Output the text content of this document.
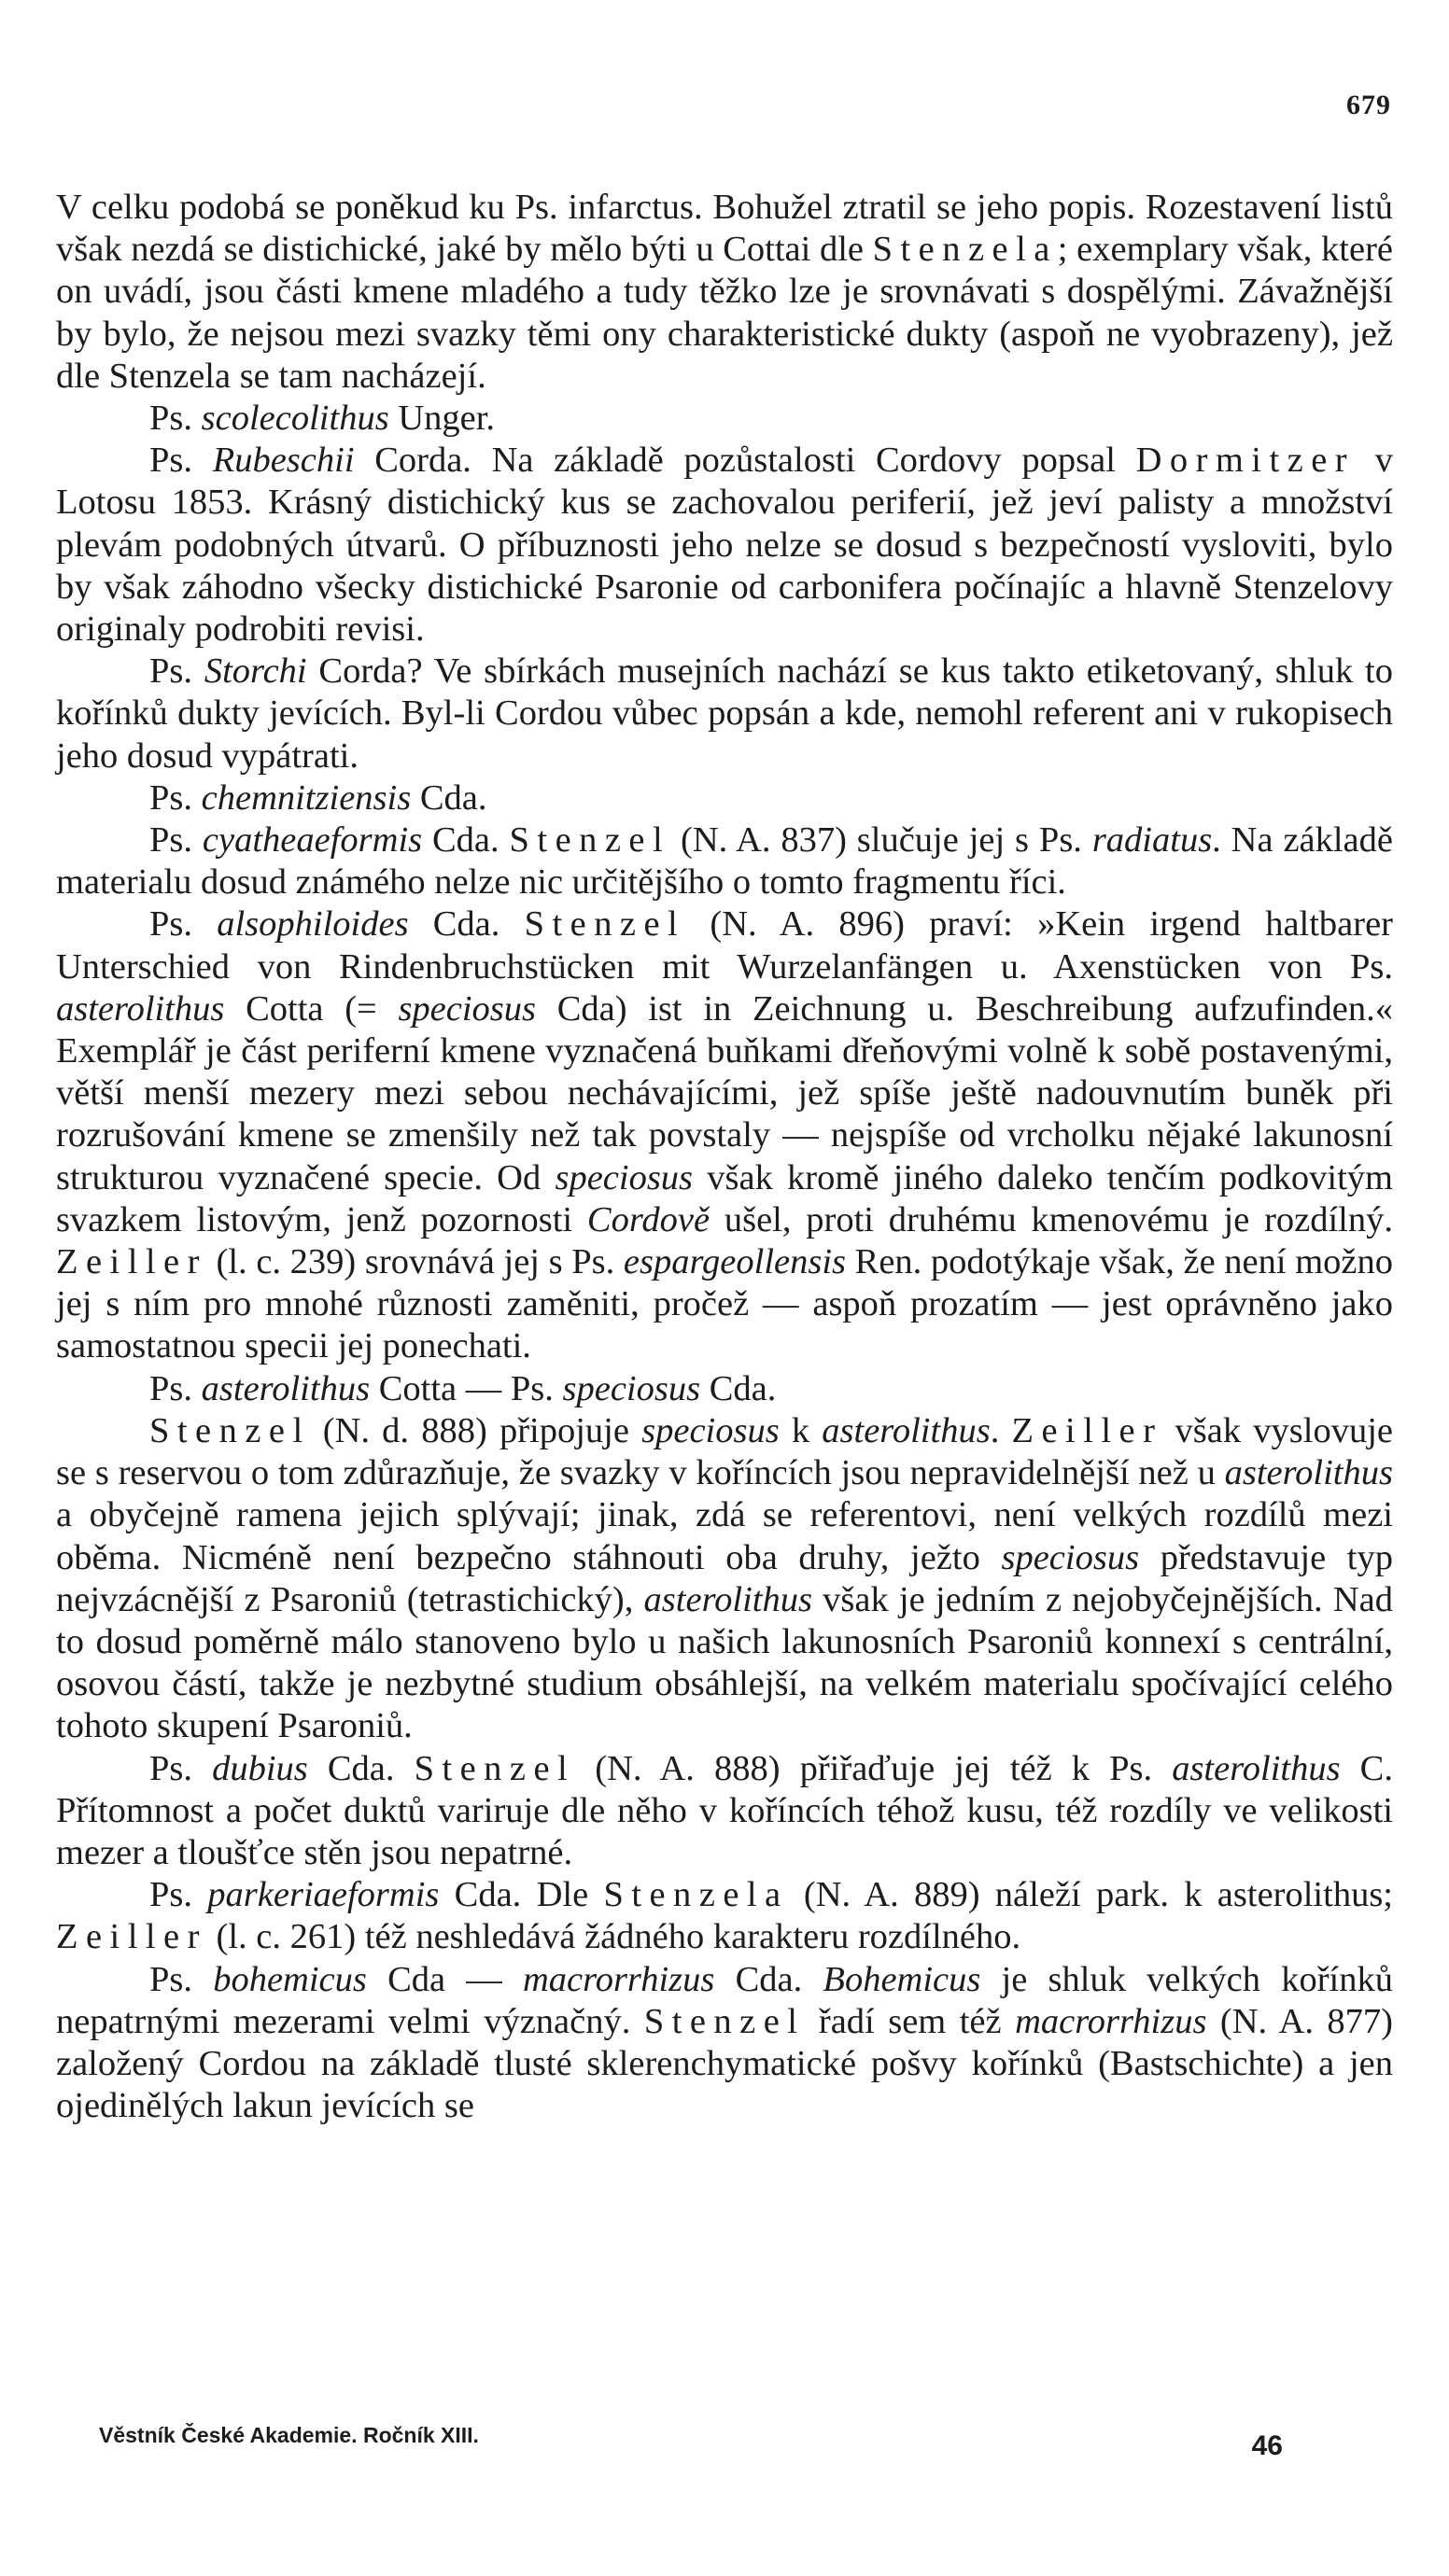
679

V celku podobá se poněkud ku Ps. infarctus. Bohužel ztratil se jeho popis. Rozestavení listů však nezdá se distichické, jaké by mělo býti u Cottai dle Stenzela; exemplary však, které on uvádí, jsou části kmene mladého a tudy těžko lze je srovnávati s dospělými. Závažnější by bylo, že nejsou mezi svazky těmi ony charakteristické dukty (aspoň ne vyobrazeny), jež dle Stenzela se tam nacházejí.

Ps. scolecolithus Unger.

Ps. Rubeschii Corda. Na základě pozůstalosti Cordovy popsal Dormitzer v Lotosu 1853. Krásný distichický kus se zachovalou periferií, jež jeví palisty a množství plevám podobných útvarů. O příbuznosti jeho nelze se dosud s bezpečností vysloviti, bylo by však záhodno všecky distichické Psaronie od carbonifera počínajíc a hlavně Stenzelovy originaly podrobiti revisi.

Ps. Storchi Corda? Ve sbírkách musejních nachází se kus takto etiketovaný, shluk to kořínků dukty jevících. Byl-li Cordou vůbec popsán a kde, nemohl referent ani v rukopisech jeho dosud vypátrati.

Ps. chemnitziensis Cda.

Ps. cyatheaeformis Cda. Stenzel (N. A. 837) slučuje jej s Ps. radiatus. Na základě materialu dosud známého nelze nic určitějšího o tomto fragmentu říci.

Ps. alsophiloides Cda. Stenzel (N. A. 896) praví: »Kein irgend haltbarer Unterschied von Rindenbruchstücken mit Wurzelanfängen u. Axenstücken von Ps. asterolithus Cotta (= speciosus Cda) ist in Zeichnung u. Beschreibung aufzufinden.« Exemplář je část periferní kmene vyznačená buňkami dřeňovými volně k sobě postavenými, větší menší mezery mezi sebou nechávajícími, jež spíše ještě nadouvnutím buněk při rozrušování kmene se zmenšily než tak povstaly — nejspíše od vrcholku nějaké lakunosní strukturou vyznačené specie. Od speciosus však kromě jiného daleko tenčím podkovitým svazkem listovým, jenž pozornosti Cordově ušel, proti druhému kmenovému je rozdílný. Zeiller (l. c. 239) srovnává jej s Ps. espargeollensis Ren. podotýkaje však, že není možno jej s ním pro mnohé různosti zaměniti, pročež — aspoň prozatím — jest oprávněno jako samostatnou specii jej ponechati.

Ps. asterolithus Cotta — Ps. speciosus Cda.

Stenzel (N. d. 888) připojuje speciosus k asterolithus. Zeiller však vyslovuje se s reservou o tom zdůrazňuje, že svazky v koříncích jsou nepravidelnější než u asterolithus a obyčejně ramena jejich splývají; jinak, zdá se referentovi, není velkých rozdílů mezi oběma. Nicméně není bezpečno stáhnouti oba druhy, ježto speciosus představuje typ nejvzácnější z Psaroniů (tetrastichický), asterolithus však je jedním z nejobyčejnějších. Nad to dosud poměrně málo stanoveno bylo u našich lakunosních Psaroniů konnexí s centrální, osovou částí, takže je nezbytné studium obsáhlejší, na velkém materialu spočívající celého tohoto skupení Psaroniů.

Ps. dubius Cda. Stenzel (N. A. 888) přiřaďuje jej též k Ps. asterolithus C. Přítomnost a počet duktů variruje dle něho v koříncích téhož kusu, též rozdíly ve velikosti mezer a tloušťce stěn jsou nepatrné.

Ps. parkeriaeformis Cda. Dle Stenzela (N. A. 889) náleží park. k asterolithus; Zeiller (l. c. 261) též neshledává žádného karakteru rozdílného.

Ps. bohemicus Cda — macrorrhizus Cda. Bohemicus je shluk velkých kořínků nepatrnými mezerami velmi význačný. Stenzel řadí sem též macrorrhizus (N. A. 877) založený Cordou na základě tlusté sklerenchymatické pošvy kořínků (Bastschichte) a jen ojedinělých lakun jevících se

Věstník České Akademie. Ročník XIII.	46
